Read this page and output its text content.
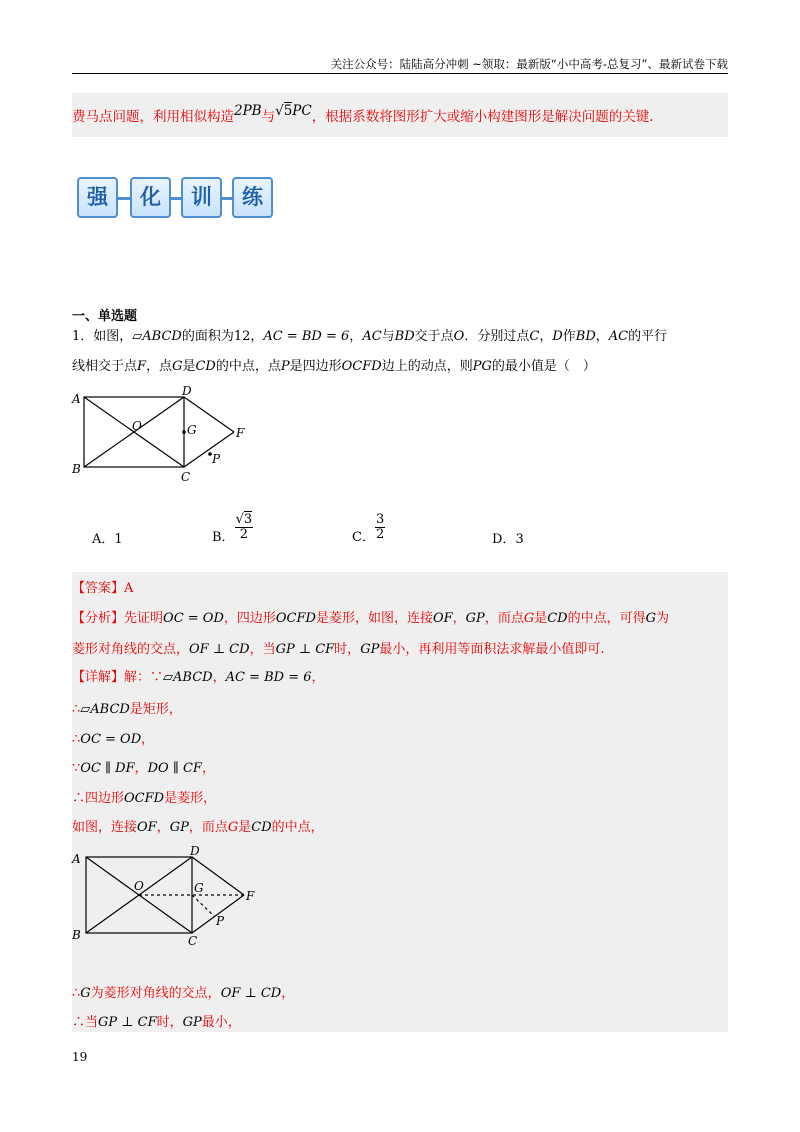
关注公众号：陆陆高分冲刺 ~领取：最新版“小中高考-总复习”、最新试卷下载
费马点问题，利用相似构造2PB与√5PC，根据系数将图形扩大或缩小构建图形是解决问题的关键.
强	化	训	练
一、单选题
1．如图，▱ABCD的面积为12，AC = BD = 6，AC与BD交于点O．分别过点C，D作BD，AC的平行
线相交于点F，点G是CD的中点，点P是四边形OCFD边上的动点，则PG的最小值是（　）
A
B
C
D
O	G	F
P
A．1	B． $\frac{√3}{2}$	C． $\frac{3}{2}$	D．3
【答案】A
【分析】先证明OC = OD，四边形OCFD是菱形，如图，连接OF，GP，而点G是CD的中点，可得G为
菱形对角线的交点，OF ⊥ CD，当GP ⊥ CF时，GP最小，再利用等面积法求解最小值即可.
【详解】解：∵▱ABCD，AC = BD = 6，
∴▱ABCD是矩形，
∴OC = OD，
∵OC ∥ DF，DO ∥ CF，
∴四边形OCFD是菱形，
如图，连接OF，GP，而点G是CD的中点，
A
B	C
D
O	G
F
P
∴G为菱形对角线的交点，OF ⊥ CD，
∴当GP ⊥ CF时，GP最小，
19
